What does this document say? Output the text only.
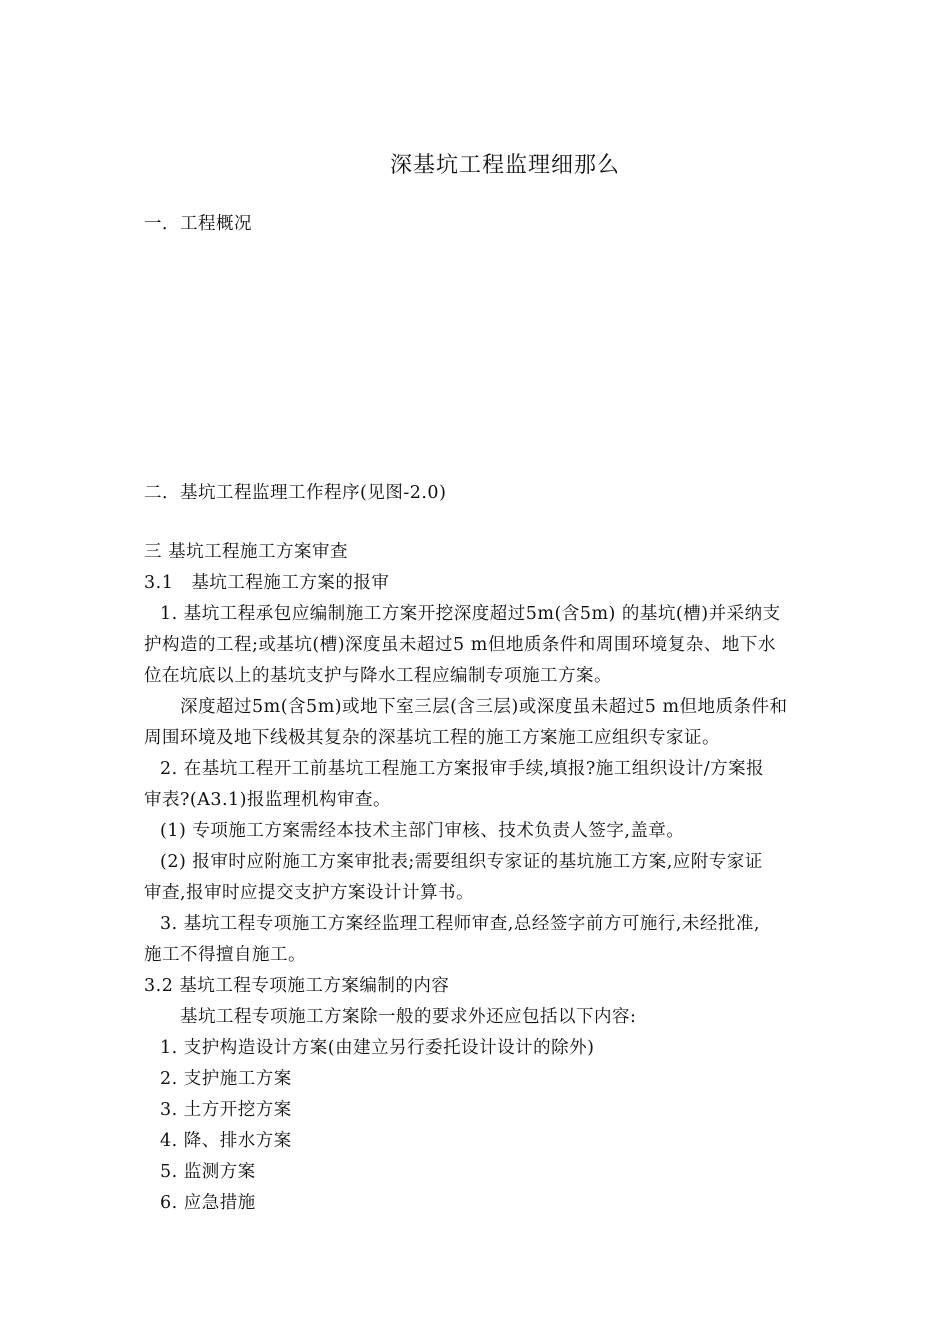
深基坑工程监理细那么
一．工程概况
二．基坑工程监理工作程序(见图-2.0)
三 基坑工程施工方案审查
3.1　基坑工程施工方案的报审
1. 基坑工程承包应编制施工方案开挖深度超过5m(含5m) 的基坑(槽)并采纳支
护构造的工程;或基坑(槽)深度虽未超过5 m但地质条件和周围环境复杂、地下水
位在坑底以上的基坑支护与降水工程应编制专项施工方案。
深度超过5m(含5m)或地下室三层(含三层)或深度虽未超过5 m但地质条件和
周围环境及地下线极其复杂的深基坑工程的施工方案施工应组织专家证。
2. 在基坑工程开工前基坑工程施工方案报审手续,填报?施工组织设计/方案报
审表?(A3.1)报监理机构审查。
(1) 专项施工方案需经本技术主部门审核、技术负责人签字,盖章。
(2) 报审时应附施工方案审批表;需要组织专家证的基坑施工方案,应附专家证
审查,报审时应提交支护方案设计计算书。
3. 基坑工程专项施工方案经监理工程师审查,总经签字前方可施行,未经批准,
施工不得擅自施工。
3.2 基坑工程专项施工方案编制的内容
基坑工程专项施工方案除一般的要求外还应包括以下内容:
1. 支护构造设计方案(由建立另行委托设计设计的除外)
2. 支护施工方案
3. 土方开挖方案
4. 降、排水方案
5. 监测方案
6. 应急措施
